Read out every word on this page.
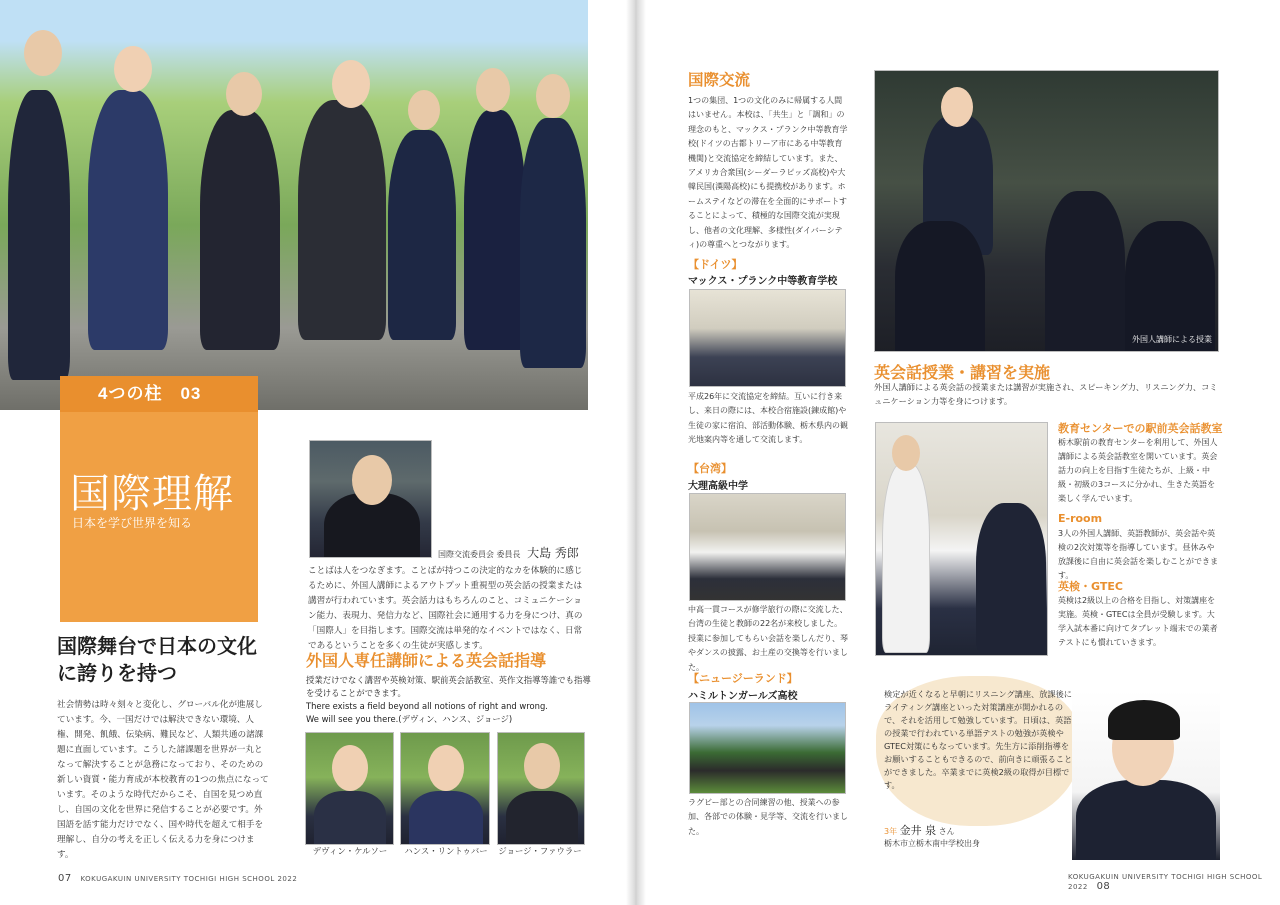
4つの柱　03
国際理解
日本を学び世界を知る
国際舞台で日本の文化
に誇りを持つ
社会情勢は時々刻々と変化し、グローバル化が進展しています。今、一国だけでは解決できない環境、人権、開発、飢餓、伝染病、難民など、人類共通の諸課題に直面しています。こうした諸課題を世界が一丸となって解決することが急務になっており、そのための新しい資質・能力育成が本校教育の1つの焦点になっています。そのような時代だからこそ、自国を見つめ直し、自国の文化を世界に発信することが必要です。外国語を話す能力だけでなく、国や時代を超えて相手を理解し、自分の考えを正しく伝える力を身につけます。
国際交流委員会 委員長 大島 秀郎
ことばは人をつなぎます。ことばが持つこの決定的なカを体験的に感じるために、外国人講師によるアウトプット重視型の英会話の授業または講習が行われています。英会話力はもちろんのこと、コミュニケーション能力、表現力、発信力など、国際社会に通用する力を身につけ、真の「国際人」を目指します。国際交流は単発的なイベントではなく、日常であるということを多くの生徒が実感します。
外国人専任講師による英会話指導
授業だけでなく講習や英検対策、駅前英会話教室、英作文指導等誰でも指導を受けることができます。
There exists a field beyond all notions of right and wrong.
We will see you there.(デヴィン、ハンス、ジョージ)
デヴィン・ケルソー	ハンス・リントゥバー	ジョージ・ファウラー
07 KOKUGAKUIN UNIVERSITY TOCHIGI HIGH SCHOOL 2022
国際交流
1つの集団、1つの文化のみに帰属する人間はいません。本校は、「共生」と「調和」の理念のもと、マックス・プランク中等教育学校(ドイツの古都トリーア市にある中等教育機関)と交流協定を締結しています。また、アメリカ合衆国(シーダーラピッズ高校)や大韓民国(漢陽高校)にも提携校があります。ホームステイなどの滞在を全面的にサポートすることによって、積極的な国際交流が実現し、他者の文化理解、多様性(ダイバーシティ)の尊重へとつながります。
【ドイツ】
マックス・プランク中等教育学校
平成26年に交流協定を締結。互いに行き来し、来日の際には、本校合宿施設(錬成館)や生徒の家に宿泊、部活動体験、栃木県内の観光地案内等を通して交流します。
【台湾】
大理高級中学
中高一貫コースが修学旅行の際に交流した、台湾の生徒と教師の22名が来校しました。授業に参加してもらい会話を楽しんだり、琴やダンスの披露、お土産の交換等を行いました。
【ニュージーランド】
ハミルトンガールズ高校
ラグビー部との合同練習の他、授業への参加、各部での体験・見学等、交流を行いました。
外国人講師による授業
英会話授業・講習を実施
外国人講師による英会話の授業または講習が実施され、スピーキング力、リスニング力、コミュニケーション力等を身につけます。
教育センターでの駅前英会話教室
栃木駅前の教育センターを利用して、外国人講師による英会話教室を開いています。英会話力の向上を目指す生徒たちが、上級・中級・初級の3コースに分かれ、生きた英語を楽しく学んでいます。
E-room
3人の外国人講師、英語教師が、英会話や英検の2次対策等を指導しています。昼休みや放課後に自由に英会話を楽しむことができます。
英検・GTEC
英検は2級以上の合格を目指し、対策講座を実施。英検・GTECは全員が受験します。大学入試本番に向けてタブレット端末での業者テストにも慣れていきます。
検定が近くなると早朝にリスニング講座、放課後にライティング講座といった対策講座が開かれるので、それを活用して勉強しています。日頃は、英語の授業で行われている単語テストの勉強が英検やGTEC対策にもなっています。先生方に添削指導をお願いすることもできるので、前向きに頑張ることができました。卒業までに英検2級の取得が目標です。
3年 金井 泉 さん
栃木市立栃木南中学校出身
KOKUGAKUIN UNIVERSITY TOCHIGI HIGH SCHOOL 2022 08
